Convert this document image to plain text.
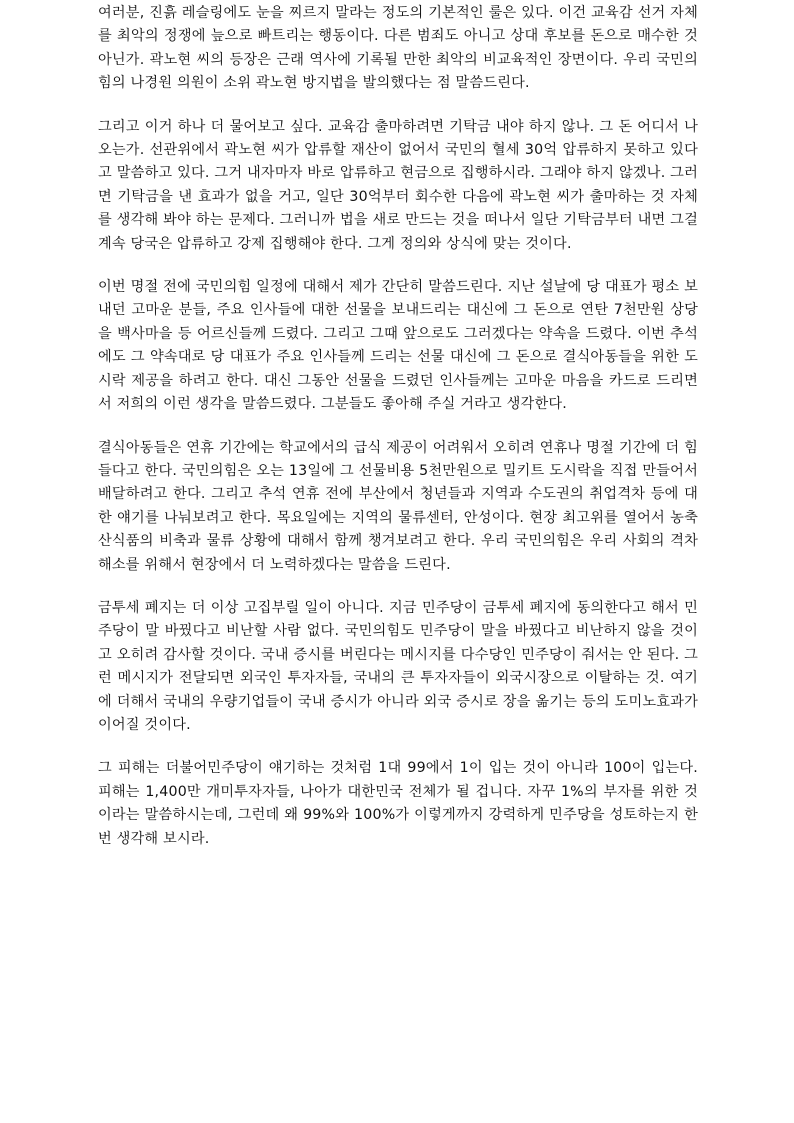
여러분, 진흙 레슬링에도 눈을 찌르지 말라는 정도의 기본적인 룰은 있다. 이건 교육감 선거 자체를 최악의 정쟁에 늪으로 빠트리는 행동이다. 다른 범죄도 아니고 상대 후보를 돈으로 매수한 것 아닌가. 곽노현 씨의 등장은 근래 역사에 기록될 만한 최악의 비교육적인 장면이다. 우리 국민의힘의 나경원 의원이 소위 곽노현 방지법을 발의했다는 점 말씀드린다.

그리고 이거 하나 더 물어보고 싶다. 교육감 출마하려면 기탁금 내야 하지 않나. 그 돈 어디서 나오는가. 선관위에서 곽노현 씨가 압류할 재산이 없어서 국민의 혈세 30억 압류하지 못하고 있다고 말씀하고 있다. 그거 내자마자 바로 압류하고 현금으로 집행하시라. 그래야 하지 않겠나. 그러면 기탁금을 낸 효과가 없을 거고, 일단 30억부터 회수한 다음에 곽노현 씨가 출마하는 것 자체를 생각해 봐야 하는 문제다. 그러니까 법을 새로 만드는 것을 떠나서 일단 기탁금부터 내면 그걸 계속 당국은 압류하고 강제 집행해야 한다. 그게 정의와 상식에 맞는 것이다.

이번 명절 전에 국민의힘 일정에 대해서 제가 간단히 말씀드린다. 지난 설날에 당 대표가 평소 보내던 고마운 분들, 주요 인사들에 대한 선물을 보내드리는 대신에 그 돈으로 연탄 7천만원 상당을 백사마을 등 어르신들께 드렸다. 그리고 그때 앞으로도 그러겠다는 약속을 드렸다. 이번 추석에도 그 약속대로 당 대표가 주요 인사들께 드리는 선물 대신에 그 돈으로 결식아동들을 위한 도시락 제공을 하려고 한다. 대신 그동안 선물을 드렸던 인사들께는 고마운 마음을 카드로 드리면서 저희의 이런 생각을 말씀드렸다. 그분들도 좋아해 주실 거라고 생각한다.

결식아동들은 연휴 기간에는 학교에서의 급식 제공이 어려워서 오히려 연휴나 명절 기간에 더 힘들다고 한다. 국민의힘은 오는 13일에 그 선물비용 5천만원으로 밀키트 도시락을 직접 만들어서 배달하려고 한다. 그리고 추석 연휴 전에 부산에서 청년들과 지역과 수도권의 취업격차 등에 대한 얘기를 나눠보려고 한다. 목요일에는 지역의 물류센터, 안성이다. 현장 최고위를 열어서 농축산식품의 비축과 물류 상황에 대해서 함께 챙겨보려고 한다. 우리 국민의힘은 우리 사회의 격차해소를 위해서 현장에서 더 노력하겠다는 말씀을 드린다.

금투세 폐지는 더 이상 고집부릴 일이 아니다. 지금 민주당이 금투세 폐지에 동의한다고 해서 민주당이 말 바꿨다고 비난할 사람 없다. 국민의힘도 민주당이 말을 바꿨다고 비난하지 않을 것이고 오히려 감사할 것이다. 국내 증시를 버린다는 메시지를 다수당인 민주당이 줘서는 안 된다. 그런 메시지가 전달되면 외국인 투자자들, 국내의 큰 투자자들이 외국시장으로 이탈하는 것. 여기에 더해서 국내의 우량기업들이 국내 증시가 아니라 외국 증시로 장을 옮기는 등의 도미노효과가 이어질 것이다.

그 피해는 더불어민주당이 얘기하는 것처럼 1대 99에서 1이 입는 것이 아니라 100이 입는다. 피해는 1,400만 개미투자자들, 나아가 대한민국 전체가 될 겁니다. 자꾸 1%의 부자를 위한 것이라는 말씀하시는데, 그런데 왜 99%와 100%가 이렇게까지 강력하게 민주당을 성토하는지 한번 생각해 보시라.
